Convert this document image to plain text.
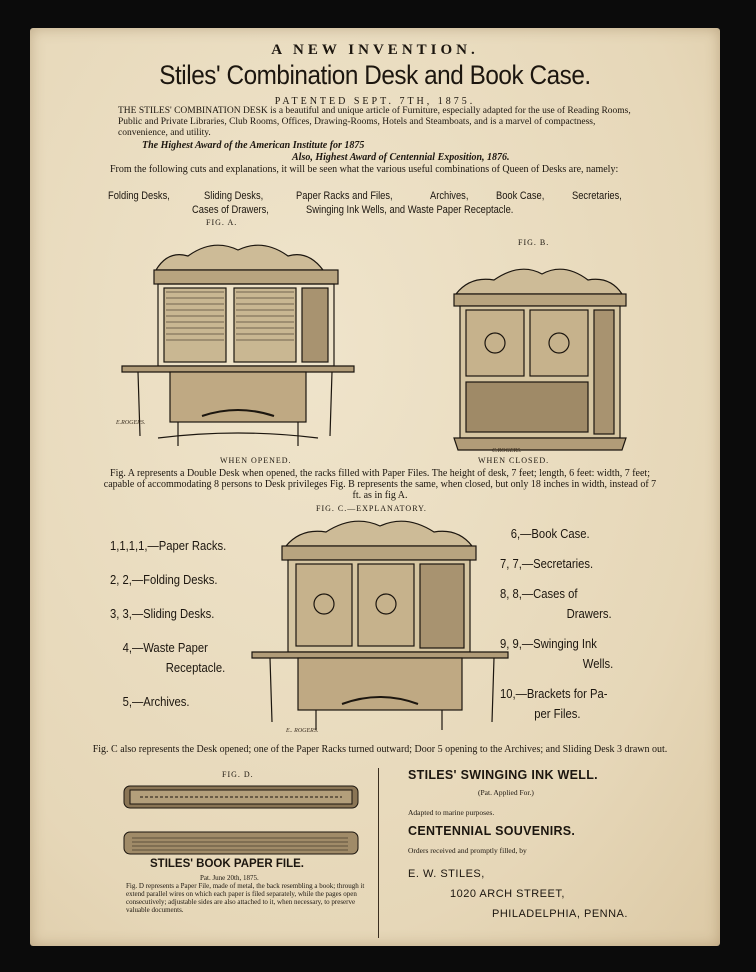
A NEW INVENTION.
Stiles' Combination Desk and Book Case.
PATENTED SEPT. 7TH, 1875.
THE STILES' COMBINATION DESK is a beautiful and unique article of Furniture, especially adapted for the use of Reading Rooms, Public and Private Libraries, Club Rooms, Offices, Drawing-Rooms, Hotels and Steamboats, and is a marvel of compactness, convenience, and utility.
The Highest Award of the American Institute for 1875
Also, Highest Award of Centennial Exposition, 1876.
From the following cuts and explanations, it will be seen what the various useful combinations of Queen of Desks are, namely:
Folding Desks,	Sliding Desks,	Paper Racks and Files,	Archives,	Book Case,	Secretaries,
Cases of Drawers,	Swinging Ink Wells, and Waste Paper Receptacle.
FIG. A.
E.ROGERS.
WHEN OPENED.
FIG. B.
C.ROGERS.
WHEN CLOSED.
Fig. A represents a Double Desk when opened, the racks filled with Paper Files. The height of desk, 7 feet; length, 6 feet: width, 7 feet; capable of accommodating 8 persons to Desk privileges Fig. B represents the same, when closed, but only 18 inches in width, instead of 7 ft. as in fig A.
FIG. C.—EXPLANATORY.
E.. ROGERS.
1,1,1,1,—Paper Racks.
2, 2,—Folding Desks.
3, 3,—Sliding Desks.
4,—Waste Paper
Receptacle.
5,—Archives.
6,—Book Case.
7, 7,—Secretaries.
8, 8,—Cases of
Drawers.
9, 9,—Swinging Ink
Wells.
10,—Brackets for Pa-
per Files.
Fig. C also represents the Desk opened; one of the Paper Racks turned outward; Door 5 opening to the Archives; and Sliding Desk 3 drawn out.
FIG. D.
STILES' BOOK PAPER FILE.
Pat. June 20th, 1875.
Fig. D represents a Paper File, made of metal, the back resembling a book; through it extend parallel wires on which each paper is filed separately, while the pages open consecutively; adjustable sides are also attached to it, when necessary, to preserve valuable documents.
STILES' SWINGING INK WELL.
(Pat. Applied For.)
Adapted to marine purposes.
CENTENNIAL SOUVENIRS.
Orders received and promptly filled, by
E. W. STILES,
1020 ARCH STREET,
PHILADELPHIA, PENNA.
